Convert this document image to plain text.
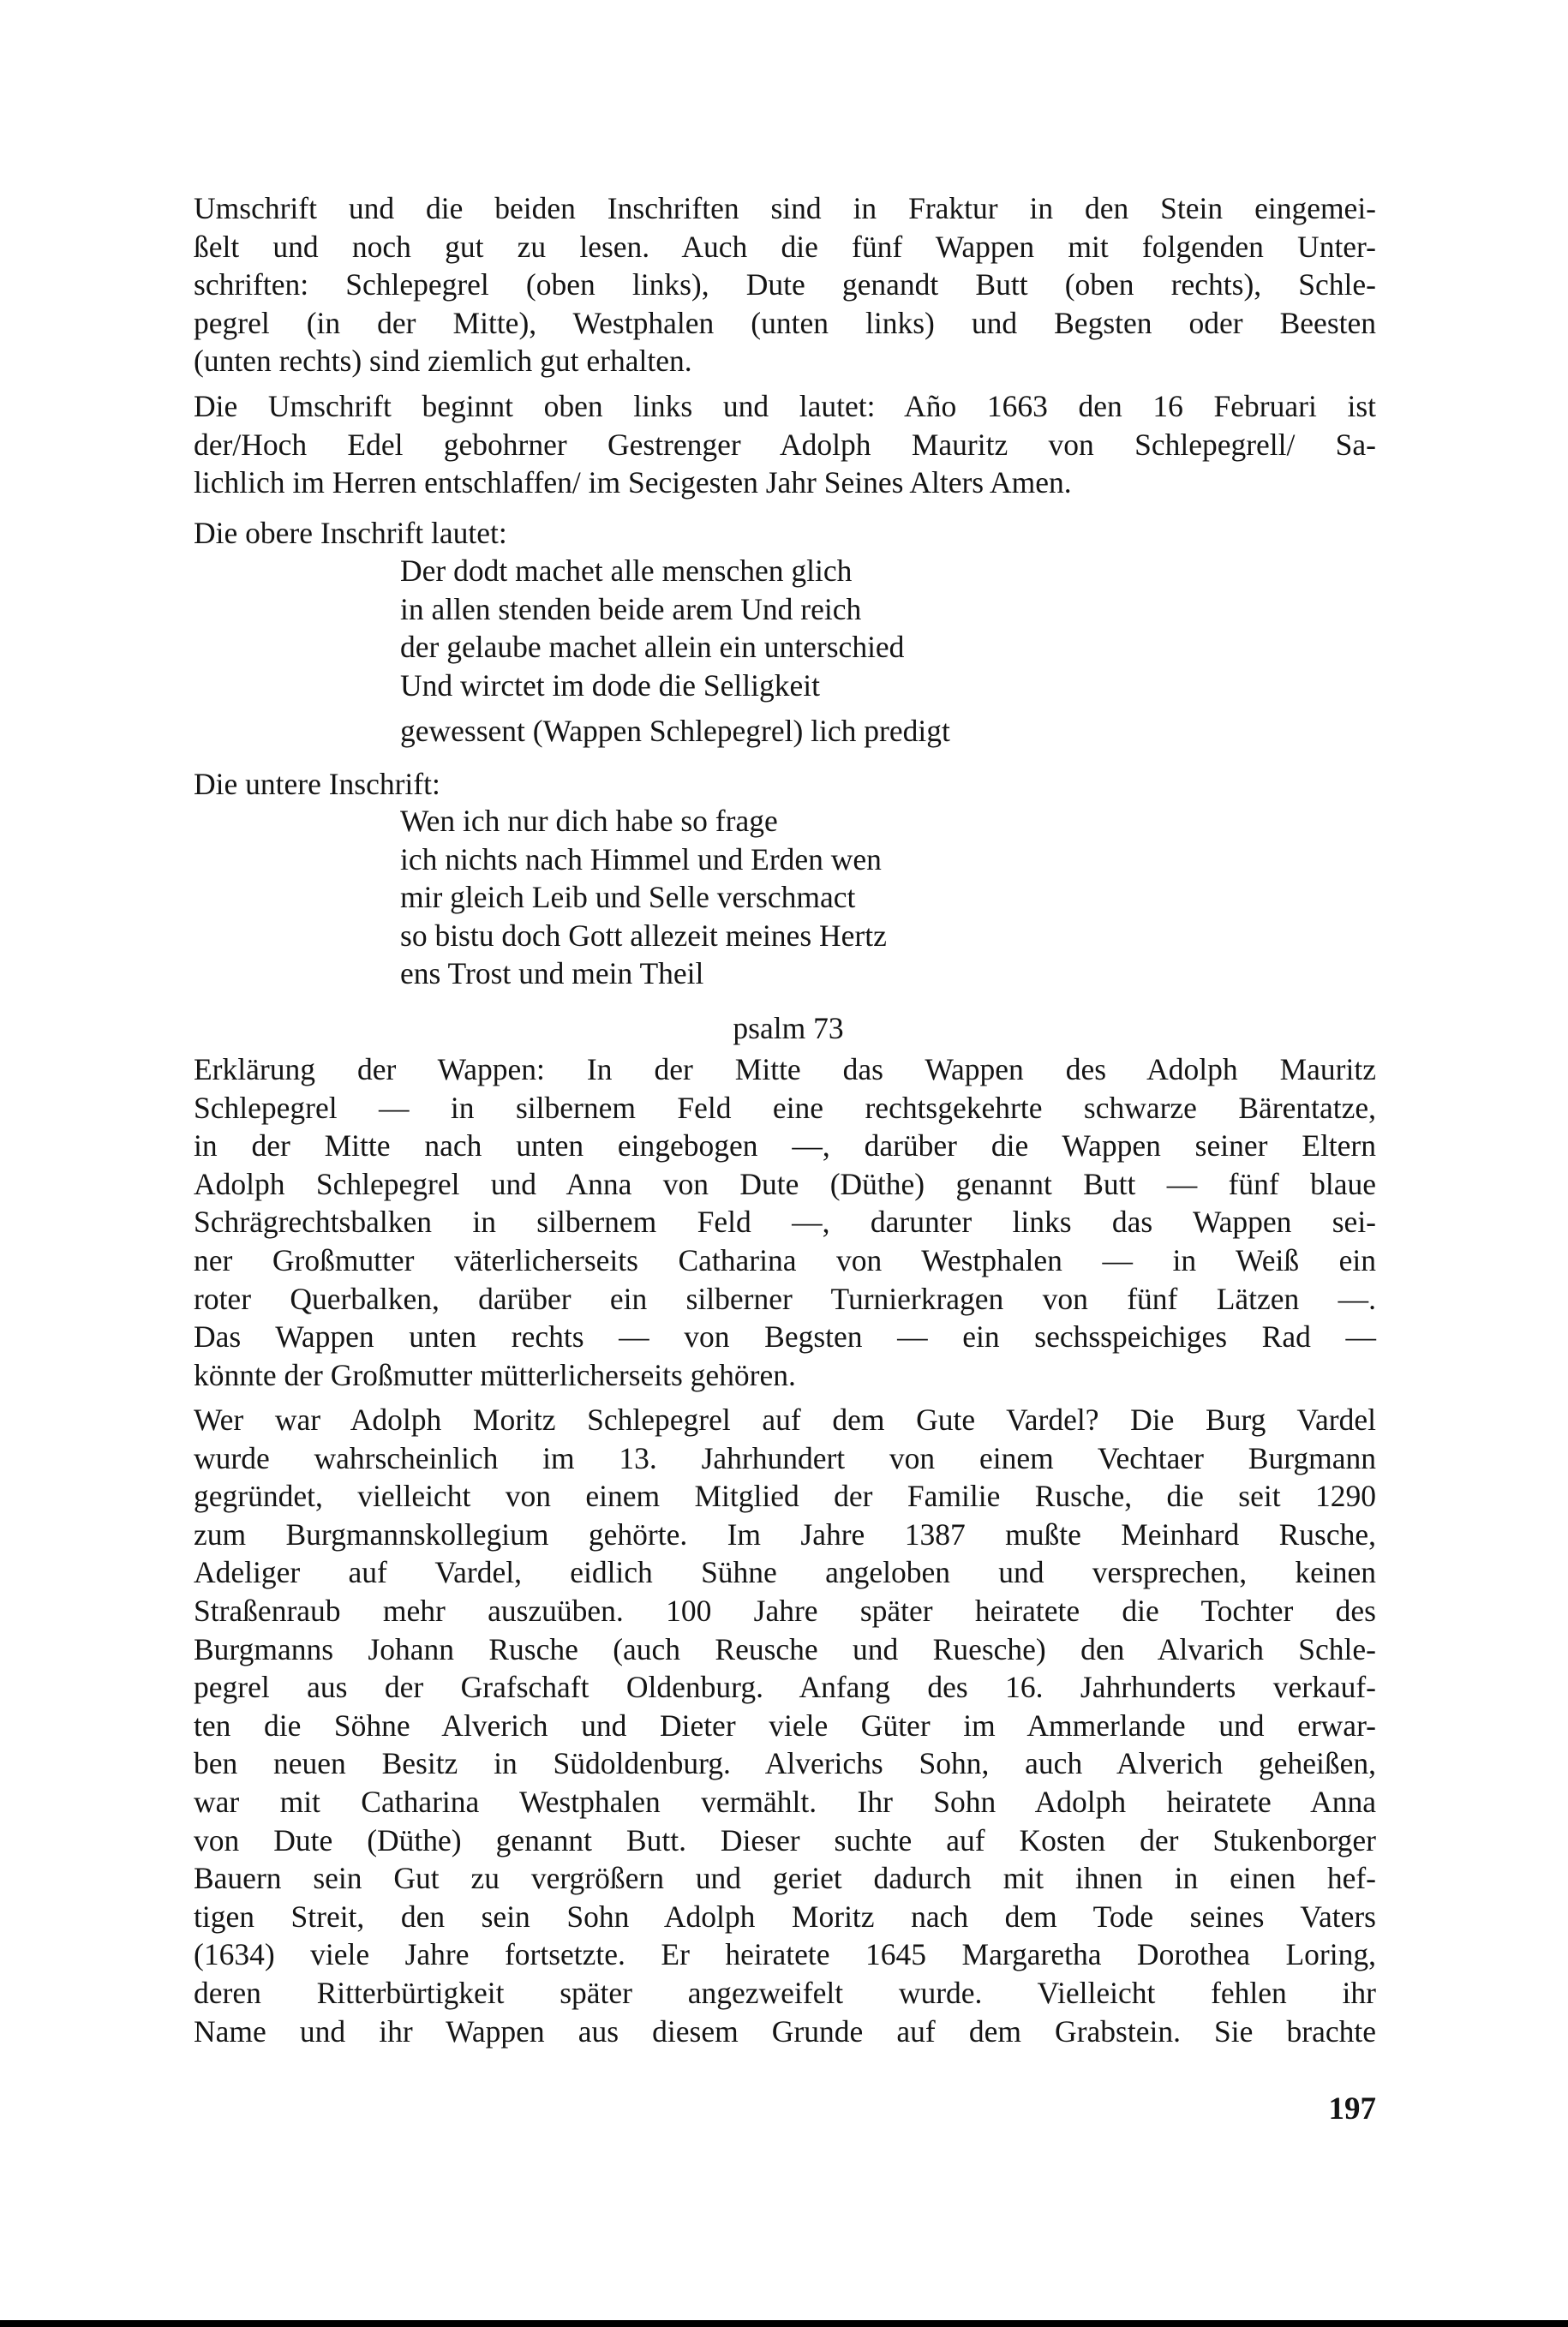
Umschrift und die beiden Inschriften sind in Fraktur in den Stein eingemei-
ßelt und noch gut zu lesen. Auch die fünf Wappen mit folgenden Unter-
schriften: Schlepegrel (oben links), Dute genandt Butt (oben rechts), Schle-
pegrel (in der Mitte), Westphalen (unten links) und Begsten oder Beesten
(unten rechts) sind ziemlich gut erhalten.
Die Umschrift beginnt oben links und lautet: Año 1663 den 16 Februari ist
der/Hoch Edel gebohrner Gestrenger Adolph Mauritz von Schlepegrell/ Sa-
lichlich im Herren entschlaffen/ im Secigesten Jahr Seines Alters Amen.
Die obere Inschrift lautet:
Der dodt machet alle menschen glich
in allen stenden beide arem Und reich
der gelaube machet allein ein unterschied
Und wirctet im dode die Selligkeit
gewessent (Wappen Schlepegrel) lich predigt
Die untere Inschrift:
Wen ich nur dich habe so frage
ich nichts nach Himmel und Erden wen
mir gleich Leib und Selle verschmact
so bistu doch Gott allezeit meines Hertz
ens Trost und mein Theil
psalm 73
Erklärung der Wappen: In der Mitte das Wappen des Adolph Mauritz
Schlepegrel — in silbernem Feld eine rechtsgekehrte schwarze Bärentatze,
in der Mitte nach unten eingebogen —, darüber die Wappen seiner Eltern
Adolph Schlepegrel und Anna von Dute (Düthe) genannt Butt — fünf blaue
Schrägrechtsbalken in silbernem Feld —, darunter links das Wappen sei-
ner Großmutter väterlicherseits Catharina von Westphalen — in Weiß ein
roter Querbalken, darüber ein silberner Turnierkragen von fünf Lätzen —.
Das Wappen unten rechts — von Begsten — ein sechsspeichiges Rad —
könnte der Großmutter mütterlicherseits gehören.
Wer war Adolph Moritz Schlepegrel auf dem Gute Vardel? Die Burg Vardel
wurde wahrscheinlich im 13. Jahrhundert von einem Vechtaer Burgmann
gegründet, vielleicht von einem Mitglied der Familie Rusche, die seit 1290
zum Burgmannskollegium gehörte. Im Jahre 1387 mußte Meinhard Rusche,
Adeliger auf Vardel, eidlich Sühne angeloben und versprechen, keinen
Straßenraub mehr auszuüben. 100 Jahre später heiratete die Tochter des
Burgmanns Johann Rusche (auch Reusche und Ruesche) den Alvarich Schle-
pegrel aus der Grafschaft Oldenburg. Anfang des 16. Jahrhunderts verkauf-
ten die Söhne Alverich und Dieter viele Güter im Ammerlande und erwar-
ben neuen Besitz in Südoldenburg. Alverichs Sohn, auch Alverich geheißen,
war mit Catharina Westphalen vermählt. Ihr Sohn Adolph heiratete Anna
von Dute (Düthe) genannt Butt. Dieser suchte auf Kosten der Stukenborger
Bauern sein Gut zu vergrößern und geriet dadurch mit ihnen in einen hef-
tigen Streit, den sein Sohn Adolph Moritz nach dem Tode seines Vaters
(1634) viele Jahre fortsetzte. Er heiratete 1645 Margaretha Dorothea Loring,
deren Ritterbürtigkeit später angezweifelt wurde. Vielleicht fehlen ihr
Name und ihr Wappen aus diesem Grunde auf dem Grabstein. Sie brachte
197
